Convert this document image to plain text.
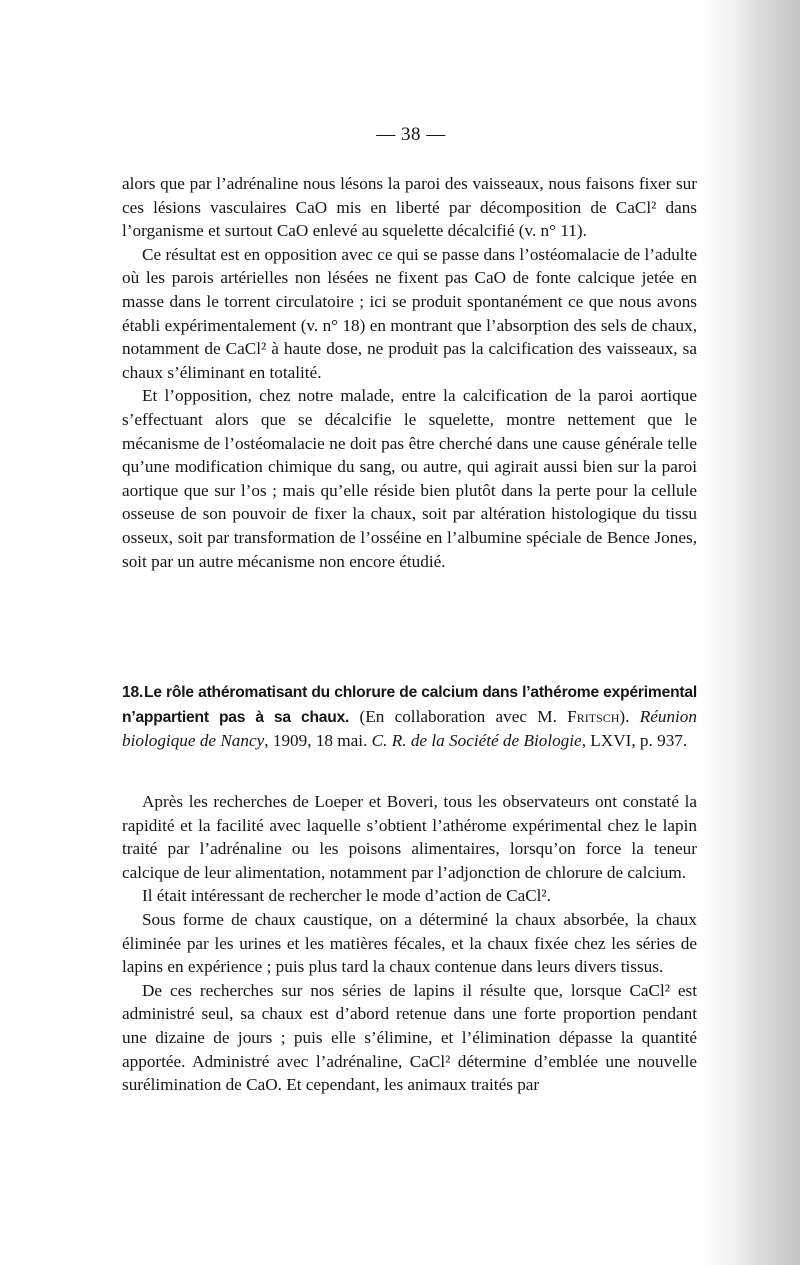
— 38 —

alors que par l’adrénaline nous lésons la paroi des vaisseaux, nous faisons fixer sur ces lésions vasculaires CaO mis en liberté par décomposition de CaCl² dans l’organisme et surtout CaO enlevé au squelette décalcifié (v. n° 11).

Ce résultat est en opposition avec ce qui se passe dans l’ostéomalacie de l’adulte où les parois artérielles non lésées ne fixent pas CaO de fonte calcique jetée en masse dans le torrent circulatoire ; ici se produit spontanément ce que nous avons établi expérimentalement (v. n° 18) en montrant que l’absorption des sels de chaux, notamment de CaCl² à haute dose, ne produit pas la calcification des vaisseaux, sa chaux s’éliminant en totalité.

Et l’opposition, chez notre malade, entre la calcification de la paroi aortique s’effectuant alors que se décalcifie le squelette, montre nettement que le mécanisme de l’ostéomalacie ne doit pas être cherché dans une cause générale telle qu’une modification chimique du sang, ou autre, qui agirait aussi bien sur la paroi aortique que sur l’os ; mais qu’elle réside bien plutôt dans la perte pour la cellule osseuse de son pouvoir de fixer la chaux, soit par altération histologique du tissu osseux, soit par transformation de l’osséine en l’albumine spéciale de Bence Jones, soit par un autre mécanisme non encore étudié.

18.Le rôle athéromatisant du chlorure de calcium dans l’athérome expérimental n’appartient pas à sa chaux. (En collaboration avec M. Fritsch). Réunion biologique de Nancy, 1909, 18 mai. C. R. de la Société de Biologie, LXVI, p. 937.

Après les recherches de Loeper et Boveri, tous les observateurs ont constaté la rapidité et la facilité avec laquelle s’obtient l’athérome expérimental chez le lapin traité par l’adrénaline ou les poisons alimentaires, lorsqu’on force la teneur calcique de leur alimentation, notamment par l’adjonction de chlorure de calcium.

Il était intéressant de rechercher le mode d’action de CaCl².

Sous forme de chaux caustique, on a déterminé la chaux absorbée, la chaux éliminée par les urines et les matières fécales, et la chaux fixée chez les séries de lapins en expérience ; puis plus tard la chaux contenue dans leurs divers tissus.

De ces recherches sur nos séries de lapins il résulte que, lorsque CaCl² est administré seul, sa chaux est d’abord retenue dans une forte proportion pendant une dizaine de jours ; puis elle s’élimine, et l’élimination dépasse la quantité apportée. Administré avec l’adrénaline, CaCl² détermine d’emblée une nouvelle surélimination de CaO. Et cependant, les animaux traités par
